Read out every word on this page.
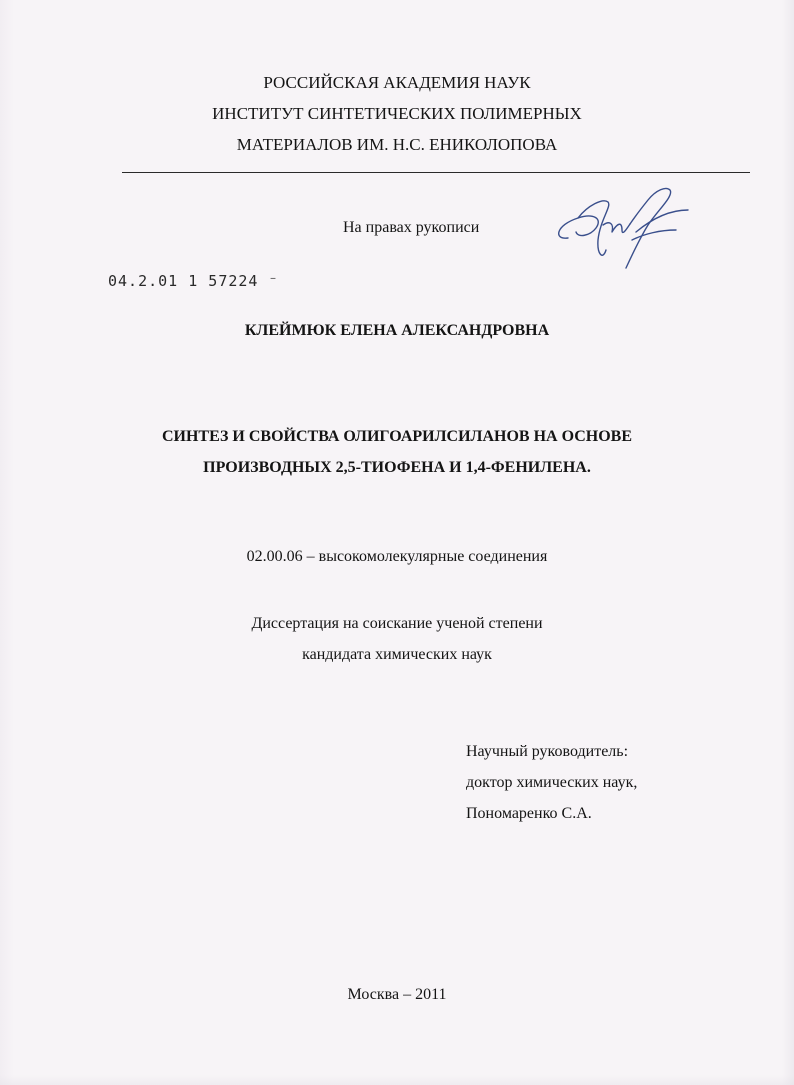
РОССИЙСКАЯ АКАДЕМИЯ НАУК
ИНСТИТУТ СИНТЕТИЧЕСКИХ ПОЛИМЕРНЫХ
МАТЕРИАЛОВ ИМ. Н.С. ЕНИКОЛОПОВА
На правах рукописи
04.2.01 1 57224 ⁻
КЛЕЙМЮК ЕЛЕНА АЛЕКСАНДРОВНА
СИНТЕЗ И СВОЙСТВА ОЛИГОАРИЛСИЛАНОВ НА ОСНОВЕ
ПРОИЗВОДНЫХ 2,5-ТИОФЕНА И 1,4-ФЕНИЛЕНА.
02.00.06 – высокомолекулярные соединения
Диссертация на соискание ученой степени
кандидата химических наук
Научный руководитель:
доктор химических наук,
Пономаренко С.А.
Москва – 2011
